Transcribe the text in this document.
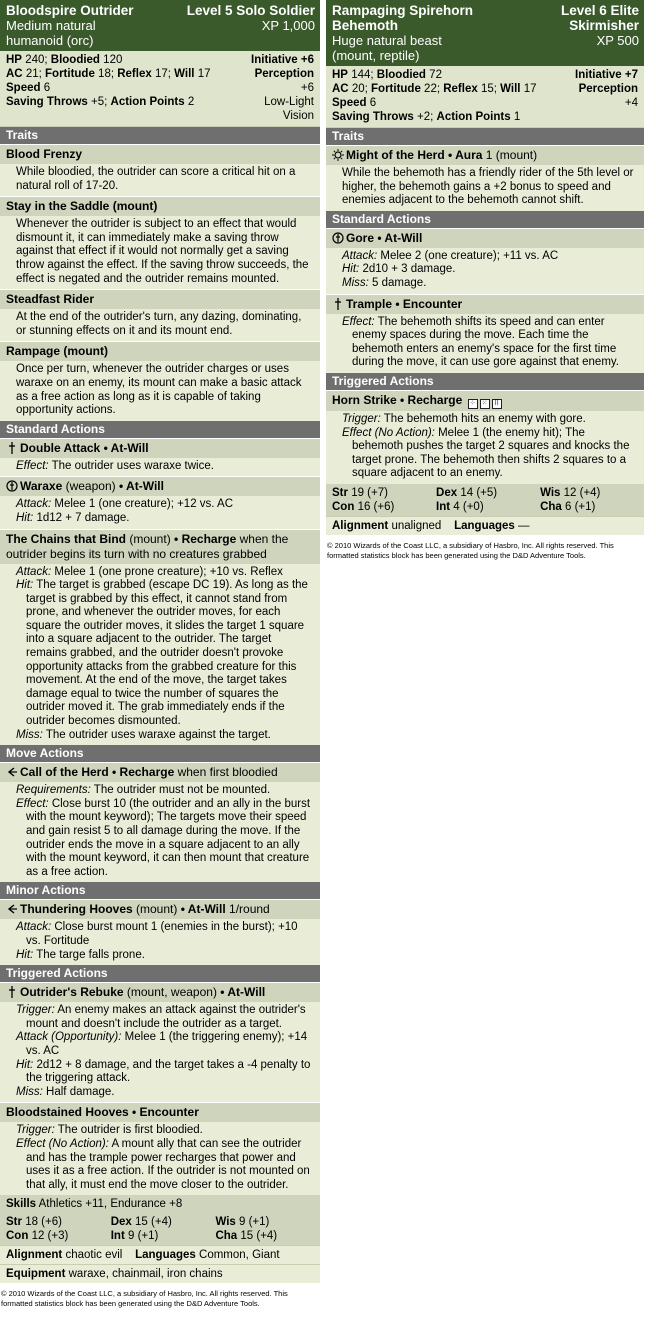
Bloodspire Outrider	Level 5 Solo Soldier
Medium natural	XP 1,000
humanoid (orc)
HP 240; Bloodied 120	Initiative +6
AC 21; Fortitude 18; Reflex 17; Will 17	Perception
Speed 6	+6
Saving Throws +5; Action Points 2	Low-Light
Vision
Traits
Blood Frenzy
While bloodied, the outrider can score a critical hit on a natural roll of 17-20.
Stay in the Saddle (mount)
Whenever the outrider is subject to an effect that would dismount it, it can immediately make a saving throw against that effect if it would not normally get a saving throw against the effect. If the saving throw succeeds, the effect is negated and the outrider remains mounted.
Steadfast Rider
At the end of the outrider's turn, any dazing, dominating, or stunning effects on it and its mount end.
Rampage (mount)
Once per turn, whenever the outrider charges or uses waraxe on an enemy, its mount can make a basic attack as a free action as long as it is capable of taking opportunity actions.
Standard Actions
Double Attack • At-Will
Effect: The outrider uses waraxe twice.
Waraxe (weapon) • At-Will
Attack: Melee 1 (one creature); +12 vs. AC
Hit: 1d12 + 7 damage.
The Chains that Bind (mount) • Recharge when the outrider begins its turn with no creatures grabbed
Attack: Melee 1 (one prone creature); +10 vs. Reflex
Hit: The target is grabbed (escape DC 19). As long as the target is grabbed by this effect, it cannot stand from prone, and whenever the outrider moves, for each square the outrider moves, it slides the target 1 square into a square adjacent to the outrider. The target remains grabbed, and the outrider doesn't provoke opportunity attacks from the grabbed creature for this movement. At the end of the move, the target takes damage equal to twice the number of squares the outrider moved it. The grab immediately ends if the outrider becomes dismounted.
Miss: The outrider uses waraxe against the target.
Move Actions
Call of the Herd • Recharge when first bloodied
Requirements: The outrider must not be mounted.
Effect: Close burst 10 (the outrider and an ally in the burst with the mount keyword); The targets move their speed and gain resist 5 to all damage during the move. If the outrider ends the move in a square adjacent to an ally with the mount keyword, it can then mount that creature as a free action.
Minor Actions
Thundering Hooves (mount) • At-Will 1/round
Attack: Close burst mount 1 (enemies in the burst); +10 vs. Fortitude
Hit: The targe falls prone.
Triggered Actions
Outrider's Rebuke (mount, weapon) • At-Will
Trigger: An enemy makes an attack against the outrider's mount and doesn't include the outrider as a target.
Attack (Opportunity): Melee 1 (the triggering enemy); +14 vs. AC
Hit: 2d12 + 8 damage, and the target takes a -4 penalty to the triggering attack.
Miss: Half damage.
Bloodstained Hooves • Encounter
Trigger: The outrider is first bloodied.
Effect (No Action): A mount ally that can see the outrider and has the trample power recharges that power and uses it as a free action. If the outrider is not mounted on that ally, it must end the move closer to the outrider.
Skills Athletics +11, Endurance +8
Str 18 (+6)	Dex 15 (+4)	Wis 9 (+1)
Con 12 (+3)	Int 9 (+1)	Cha 15 (+4)
Alignment chaotic evil Languages Common, Giant
Equipment waraxe, chainmail, iron chains
© 2010 Wizards of the Coast LLC, a subsidiary of Hasbro, Inc. All rights reserved. This formatted statistics block has been generated using the D&D Adventure Tools.
Rampaging Spirehorn	Level 6 Elite
Behemoth	Skirmisher
Huge natural beast	XP 500
(mount, reptile)
HP 144; Bloodied 72	Initiative +7
AC 20; Fortitude 22; Reflex 15; Will 17	Perception
Speed 6	+4
Saving Throws +2; Action Points 1
Traits
Might of the Herd • Aura 1 (mount)
While the behemoth has a friendly rider of the 5th level or higher, the behemoth gains a +2 bonus to speed and enemies adjacent to the behemoth cannot shift.
Standard Actions
Gore • At-Will
Attack: Melee 2 (one creature); +11 vs. AC
Hit: 2d10 + 3 damage.
Miss: 5 damage.
Trample • Encounter
Effect: The behemoth shifts its speed and can enter enemy spaces during the move. Each time the behemoth enters an enemy's space for the first time during the move, it can use gore against that enemy.
Triggered Actions
Horn Strike • Recharge ⁘ ⁙ ⠿
Trigger: The behemoth hits an enemy with gore.
Effect (No Action): Melee 1 (the enemy hit); The behemoth pushes the target 2 squares and knocks the target prone. The behemoth then shifts 2 squares to a square adjacent to an enemy.
Str 19 (+7)	Dex 14 (+5)	Wis 12 (+4)
Con 16 (+6)	Int 4 (+0)	Cha 6 (+1)
Alignment unaligned Languages —
© 2010 Wizards of the Coast LLC, a subsidiary of Hasbro, Inc. All rights reserved. This formatted statistics block has been generated using the D&D Adventure Tools.
